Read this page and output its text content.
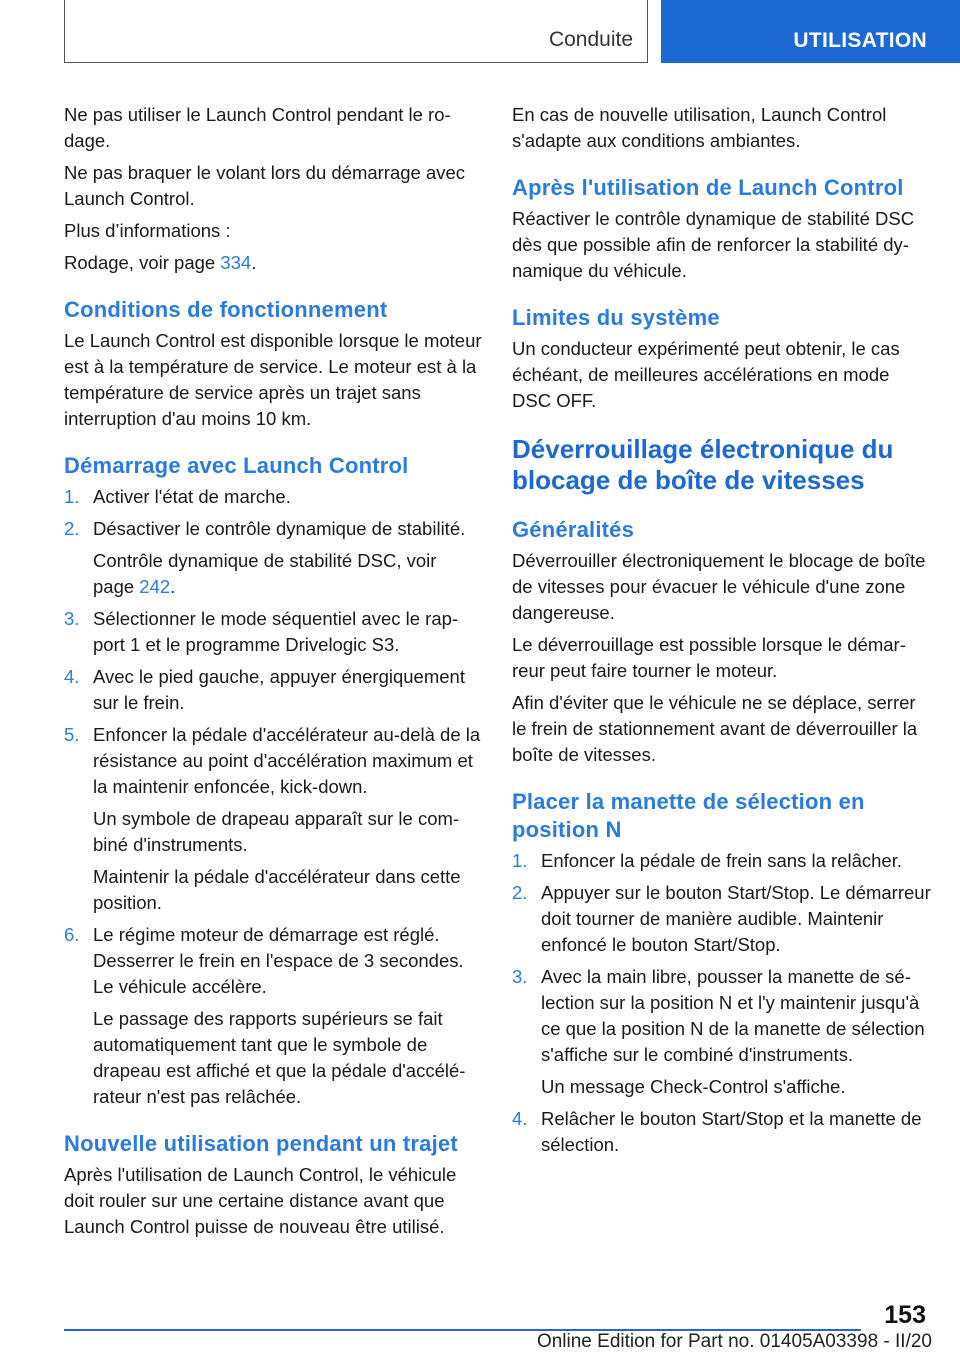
Conduite	UTILISATION

Ne pas utiliser le Launch Control pendant le rodage.

Ne pas braquer le volant lors du démarrage avec Launch Control.

Plus d’informations :

Rodage, voir page 334.

Conditions de fonctionnement

Le Launch Control est disponible lorsque le moteur est à la température de service. Le moteur est à la température de service après un trajet sans interruption d'au moins 10 km.

Démarrage avec Launch Control
1. Activer l'état de marche.
2. Désactiver le contrôle dynamique de stabilité.

Contrôle dynamique de stabilité DSC, voir page 242.

3. Sélectionner le mode séquentiel avec le rapport 1 et le programme Drivelogic S3.
4. Avec le pied gauche, appuyer énergiquement sur le frein.
5. Enfoncer la pédale d'accélérateur au-delà de la résistance au point d'accélération maximum et la maintenir enfoncée, kick-down.

Un symbole de drapeau apparaît sur le combiné d'instruments.

Maintenir la pédale d'accélérateur dans cette position.

6. Le régime moteur de démarrage est réglé. Desserrer le frein en l'espace de 3 secondes. Le véhicule accélère.

Le passage des rapports supérieurs se fait automatiquement tant que le symbole de drapeau est affiché et que la pédale d'accélérateur n'est pas relâchée.

Nouvelle utilisation pendant un trajet

Après l'utilisation de Launch Control, le véhicule doit rouler sur une certaine distance avant que Launch Control puisse de nouveau être utilisé.

En cas de nouvelle utilisation, Launch Control s'adapte aux conditions ambiantes.

Après l'utilisation de Launch Control

Réactiver le contrôle dynamique de stabilité DSC dès que possible afin de renforcer la stabilité dynamique du véhicule.

Limites du système

Un conducteur expérimenté peut obtenir, le cas échéant, de meilleures accélérations en mode DSC OFF.

Déverrouillage électronique du blocage de boîte de vitesses
Généralités

Déverrouiller électroniquement le blocage de boîte de vitesses pour évacuer le véhicule d'une zone dangereuse.

Le déverrouillage est possible lorsque le démarreur peut faire tourner le moteur.

Afin d'éviter que le véhicule ne se déplace, serrer le frein de stationnement avant de déverrouiller la boîte de vitesses.

Placer la manette de sélection en position N
1. Enfoncer la pédale de frein sans la relâcher.
2. Appuyer sur le bouton Start/Stop. Le démarreur doit tourner de manière audible. Maintenir enfoncé le bouton Start/Stop.
3. Avec la main libre, pousser la manette de sélection sur la position N et l'y maintenir jusqu'à ce que la position N de la manette de sélection s'affiche sur le combiné d'instruments.

Un message Check-Control s'affiche.

4. Relâcher le bouton Start/Stop et la manette de sélection.
153
Online Edition for Part no. 01405A03398 - II/20
